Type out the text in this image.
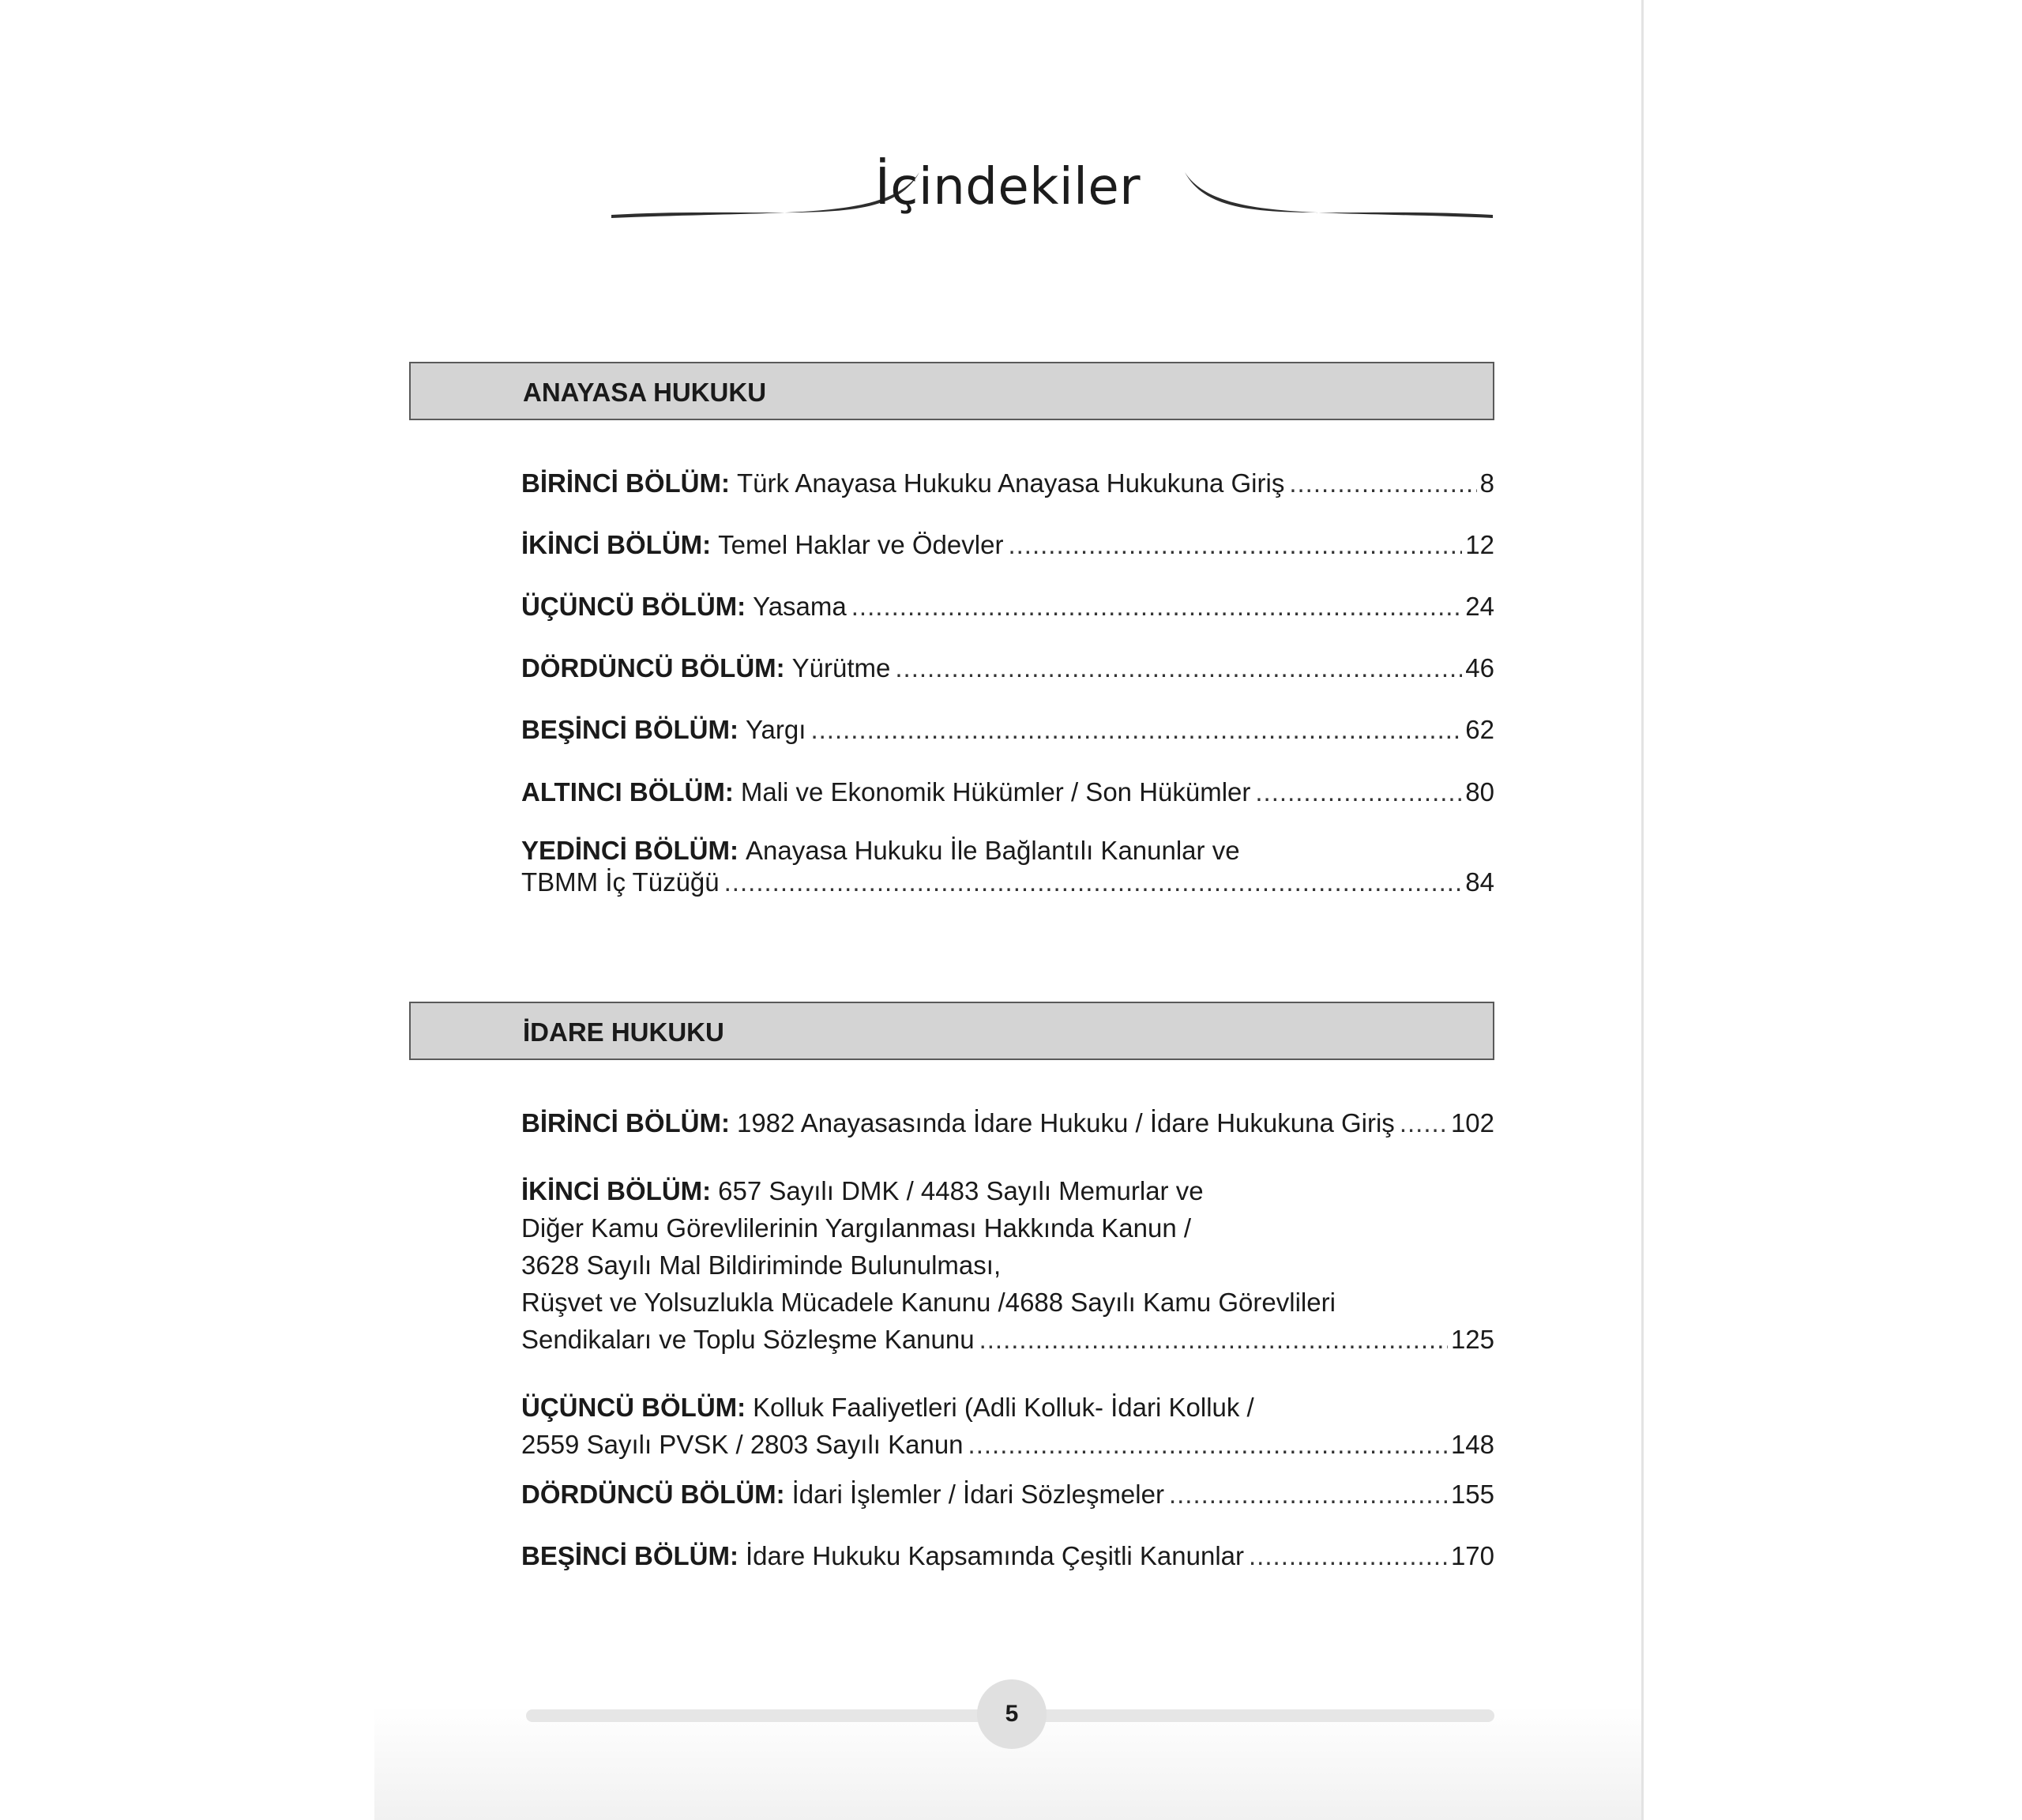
İçindekiler
ANAYASA HUKUKU
BİRİNCİ BÖLÜM: Türk Anayasa Hukuku Anayasa Hukukuna Giriş .....	8
İKİNCİ BÖLÜM: Temel Haklar ve Ödevler .....	12
ÜÇÜNCÜ BÖLÜM: Yasama .....	24
DÖRDÜNCÜ BÖLÜM: Yürütme .....	46
BEŞİNCİ BÖLÜM: Yargı .....	62
ALTINCI BÖLÜM: Mali ve Ekonomik Hükümler / Son Hükümler .....	80
YEDİNCİ BÖLÜM: Anayasa Hukuku İle Bağlantılı Kanunlar ve
TBMM İç Tüzüğü .....	84
İDARE HUKUKU
BİRİNCİ BÖLÜM: 1982 Anayasasında İdare Hukuku / İdare Hukukuna Giriş ..... 102
İKİNCİ BÖLÜM: 657 Sayılı DMK / 4483 Sayılı Memurlar ve
Diğer Kamu Görevlilerinin Yargılanması Hakkında Kanun /
3628 Sayılı Mal Bildiriminde Bulunulması,
Rüşvet ve Yolsuzlukla Mücadele Kanunu /4688 Sayılı Kamu Görevlileri
Sendikaları ve Toplu Sözleşme Kanunu .....	125
ÜÇÜNCÜ BÖLÜM: Kolluk Faaliyetleri (Adli Kolluk- İdari Kolluk /
2559 Sayılı PVSK / 2803 Sayılı Kanun .....	148
DÖRDÜNCÜ BÖLÜM: İdari İşlemler / İdari Sözleşmeler .....	155
BEŞİNCİ BÖLÜM: İdare Hukuku Kapsamında Çeşitli Kanunlar .....	170
5
